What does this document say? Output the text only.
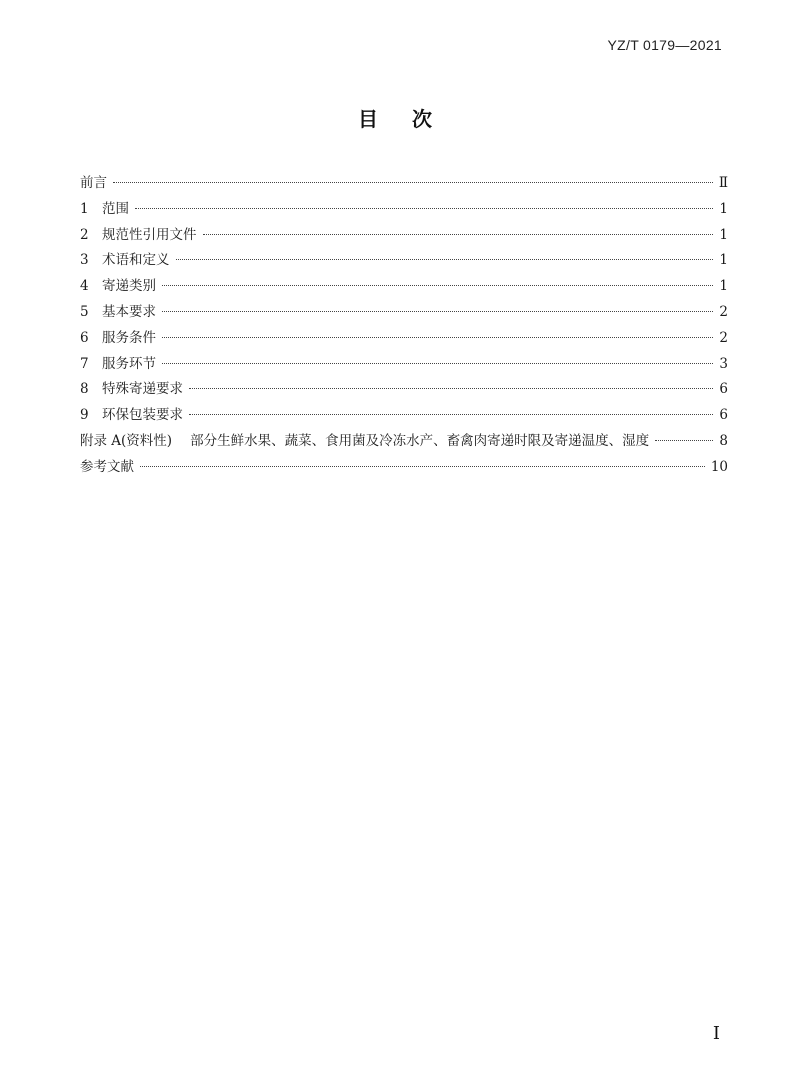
YZ/T 0179—2021
目次
前言	Ⅱ
1 范围	1
2 规范性引用文件	1
3 术语和定义	1
4 寄递类别	1
5 基本要求	2
6 服务条件	2
7 服务环节	3
8 特殊寄递要求	6
9 环保包装要求	6
附录 A(资料性) 部分生鲜水果、蔬菜、食用菌及冷冻水产、畜禽肉寄递时限及寄递温度、湿度	8
参考文献	10
Ⅰ
